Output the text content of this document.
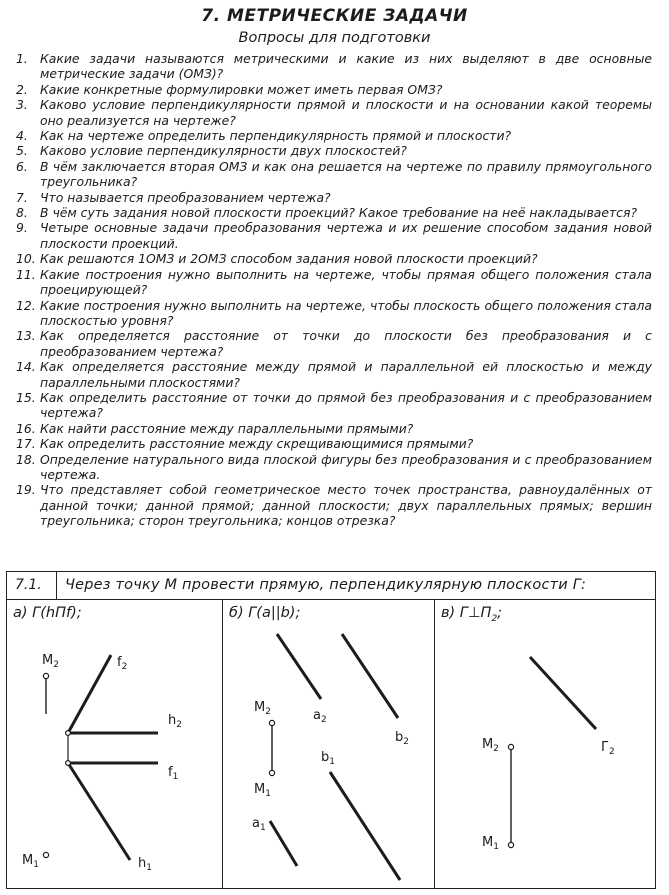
7. МЕТРИЧЕСКИЕ ЗАДАЧИ
Вопросы для подготовки
1. Какие задачи называются метрическими и какие из них выделяют в две основные метрические задачи (ОМЗ)?
2. Какие конкретные формулировки может иметь первая ОМЗ?
3. Каково условие перпендикулярности прямой и плоскости и на основании какой теоремы оно реализуется на чертеже?
4. Как на чертеже определить перпендикулярность прямой и плоскости?
5. Каково условие перпендикулярности двух плоскостей?
6. В чём заключается вторая ОМЗ и как она решается на чертеже по правилу прямоугольного треугольника?
7. Что называется преобразованием чертежа?
8. В чём суть задания новой плоскости проекций? Какое требование на неё накладывается?
9. Четыре основные задачи преобразования чертежа и их решение способом задания новой плоскости проекций.
10. Как решаются 1ОМЗ и 2ОМЗ способом задания новой плоскости проекций?
11. Какие построения нужно выполнить на чертеже, чтобы прямая общего положения стала проецирующей?
12. Какие построения нужно выполнить на чертеже, чтобы плоскость общего положения стала плоскостью уровня?
13. Как определяется расстояние от точки до плоскости без преобразования и с преобразованием чертежа?
14. Как определяется расстояние между прямой и параллельной ей плоскостью и между параллельными плоскостями?
15. Как определить расстояние от точки до прямой без преобразования и с преобразованием чертежа?
16. Как найти расстояние между параллельными прямыми?
17. Как определить расстояние между скрещивающимися прямыми?
18. Определение натурального вида плоской фигуры без преобразования и с преобразованием чертежа.
19. Что представляет собой геометрическое место точек пространства, равноудалённых от данной точки; данной прямой; данной плоскости; двух параллельных прямых; вершин треугольника; сторон треугольника; концов отрезка?
7.1. Через точку М провести прямую, перпендикулярную плоскости Г:
а) Г(hПf);	б) Г(a||b);	в) $Г\perp П_2$;
$M_2$
$M_1$
$f_2$
$h_2$
$f_1$
$h_1$
$M_2$
$M_1$
$a_2$
$b_2$
$b_1$
$a_1$
$M_2$
$M_1$
$Г_2$
